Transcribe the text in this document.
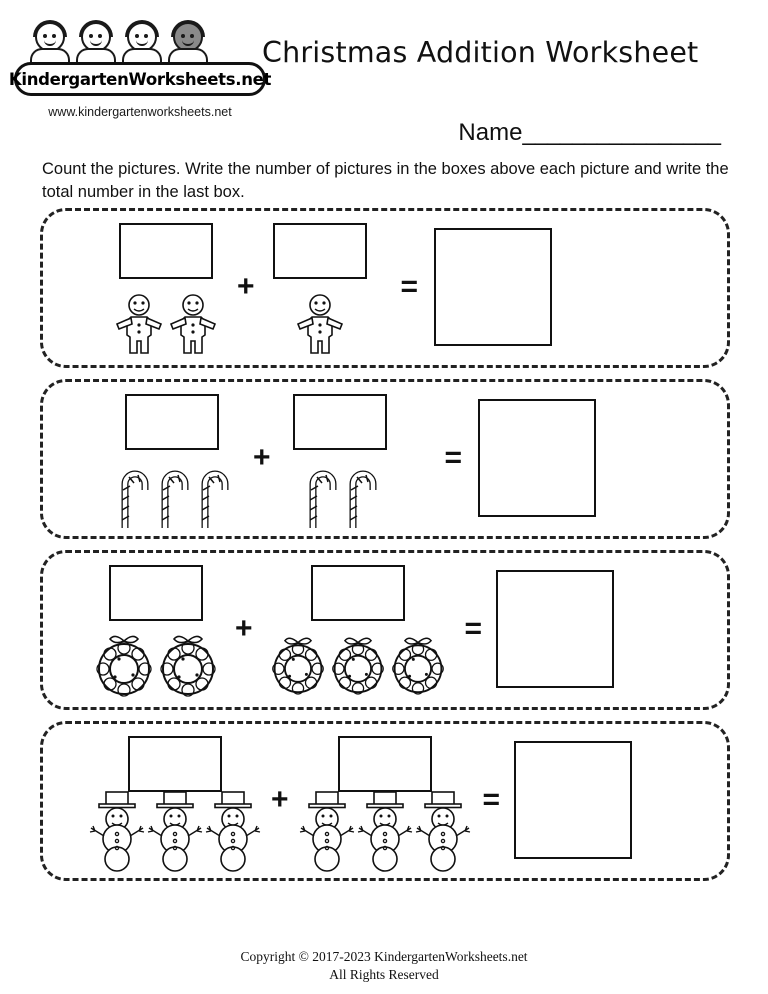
KindergartenWorksheets.net
www.kindergartenworksheets.net
Christmas Addition Worksheet
Name________________
Count the pictures. Write the number of pictures in the boxes above each picture and write the total number in the last box.
+	=
+	=
+	=
+	=
Copyright © 2017-2023 KindergartenWorksheets.net
All Rights Reserved
